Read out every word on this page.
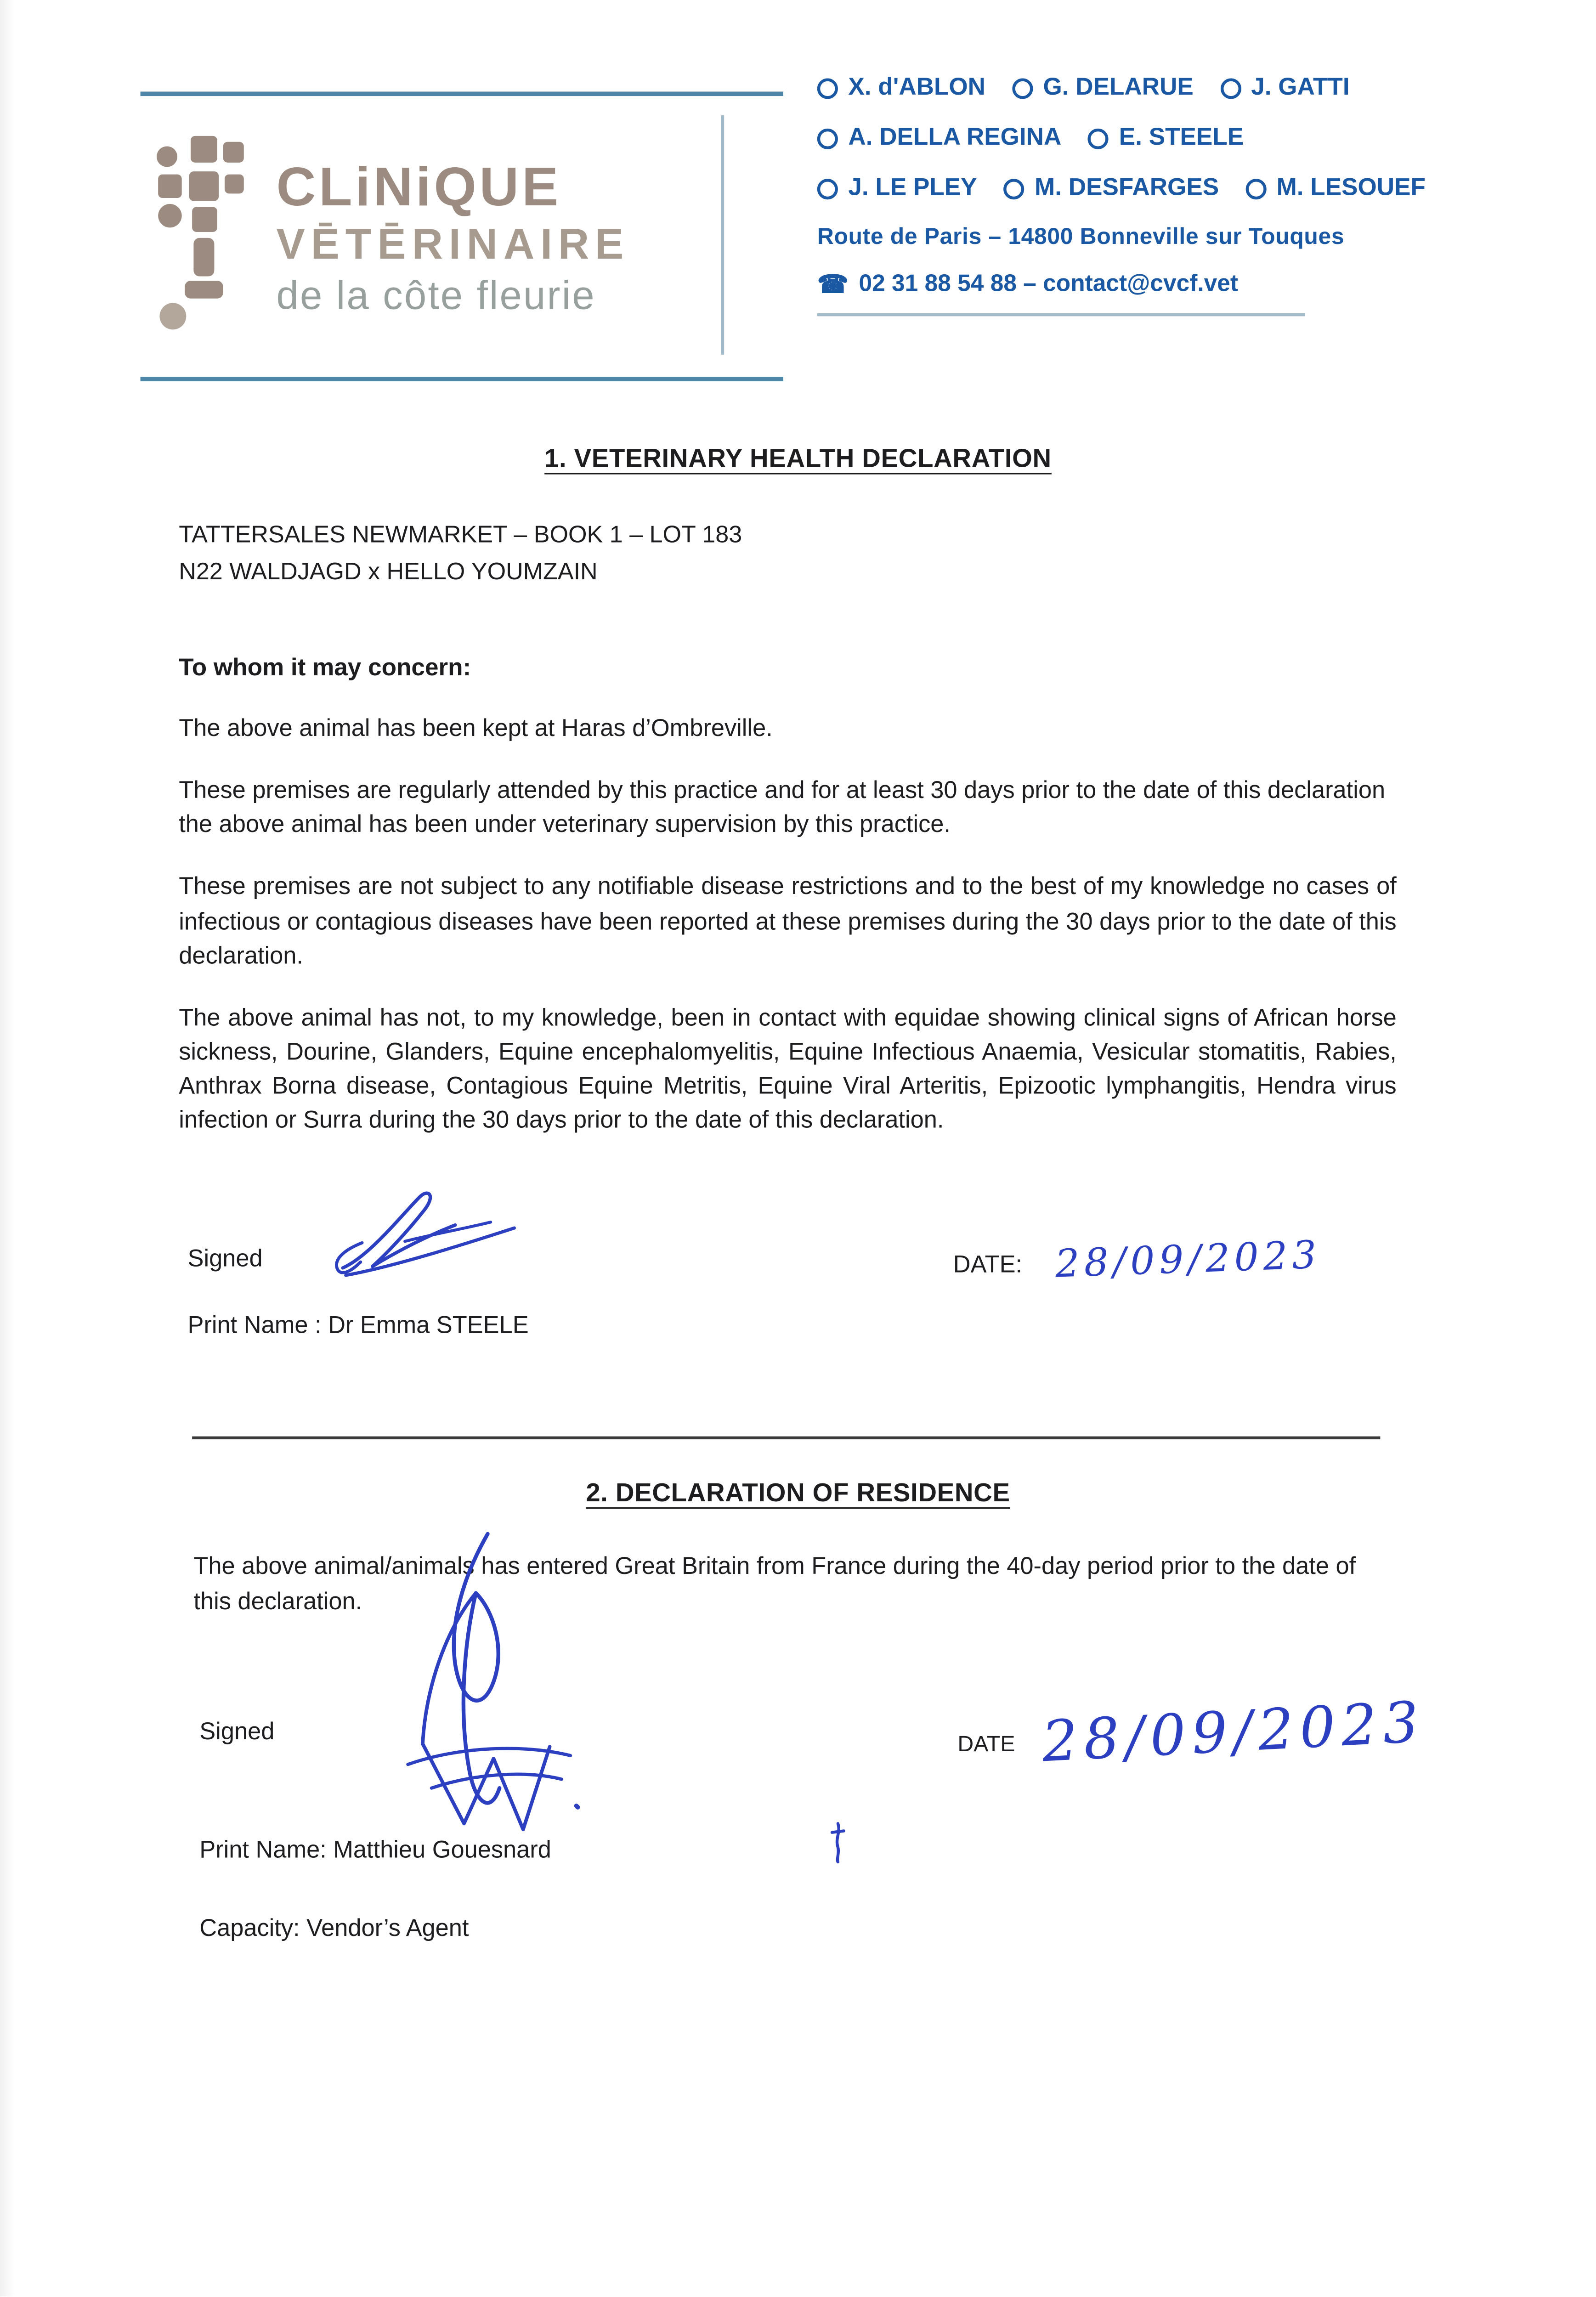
CLiNiQUE
VĒTĒRINAIRE
de la côte fleurie
X. d'ABLON	G. DELARUE	J. GATTI
A. DELLA REGINA	E. STEELE
J. LE PLEY	M. DESFARGES	M. LESOUEF
Route de Paris – 14800 Bonneville sur Touques
☎ 02 31 88 54 88 – contact@cvcf.vet
1. VETERINARY HEALTH DECLARATION
TATTERSALES NEWMARKET – BOOK 1 – LOT 183
N22 WALDJAGD x HELLO YOUMZAIN
To whom it may concern:

The above animal has been kept at Haras d’Ombreville.

These premises are regularly attended by this practice and for at least 30 days prior to the date of this declaration the above animal has been under veterinary supervision by this practice.

These premises are not subject to any notifiable disease restrictions and to the best of my knowledge no cases of infectious or contagious diseases have been reported at these premises during the 30 days prior to the date of this declaration.

The above animal has not, to my knowledge, been in contact with equidae showing clinical signs of African horse sickness, Dourine, Glanders, Equine encephalomyelitis, Equine Infectious Anaemia, Vesicular stomatitis, Rabies, Anthrax Borna disease, Contagious Equine Metritis, Equine Viral Arteritis, Epizootic lymphangitis, Hendra virus infection or Surra during the 30 days prior to the date of this declaration.

Signed	DATE:	28/09/2023
Print Name : Dr Emma STEELE
2. DECLARATION OF RESIDENCE
The above animal/animals has entered Great Britain from France during the 40-day period prior to the date of this declaration.
Signed	DATE 28/09/2023
Print Name: Matthieu Gouesnard
Capacity: Vendor’s Agent
